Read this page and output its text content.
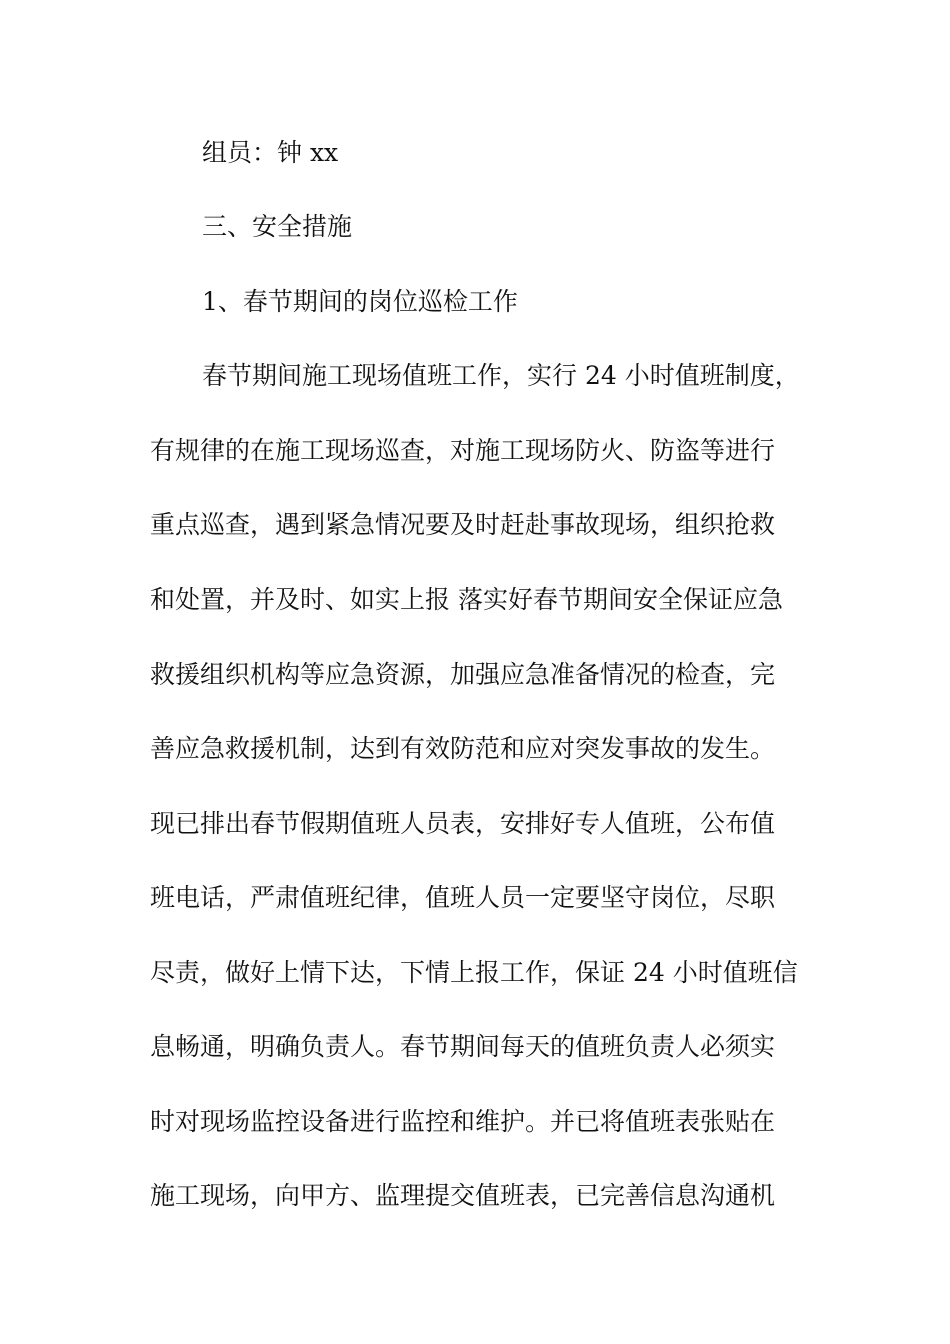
组员：钟 xx
三、安全措施
1、春节期间的岗位巡检工作
春节期间施工现场值班工作，实行 24 小时值班制度，
有规律的在施工现场巡查，对施工现场防火、防盗等进行
重点巡查，遇到紧急情况要及时赶赴事故现场，组织抢救
和处置，并及时、如实上报 落实好春节期间安全保证应急
救援组织机构等应急资源，加强应急准备情况的检查，完
善应急救援机制，达到有效防范和应对突发事故的发生。
现已排出春节假期值班人员表，安排好专人值班，公布值
班电话，严肃值班纪律，值班人员一定要坚守岗位，尽职
尽责，做好上情下达，下情上报工作，保证 24 小时值班信
息畅通，明确负责人。春节期间每天的值班负责人必须实
时对现场监控设备进行监控和维护。并已将值班表张贴在
施工现场，向甲方、监理提交值班表，已完善信息沟通机
